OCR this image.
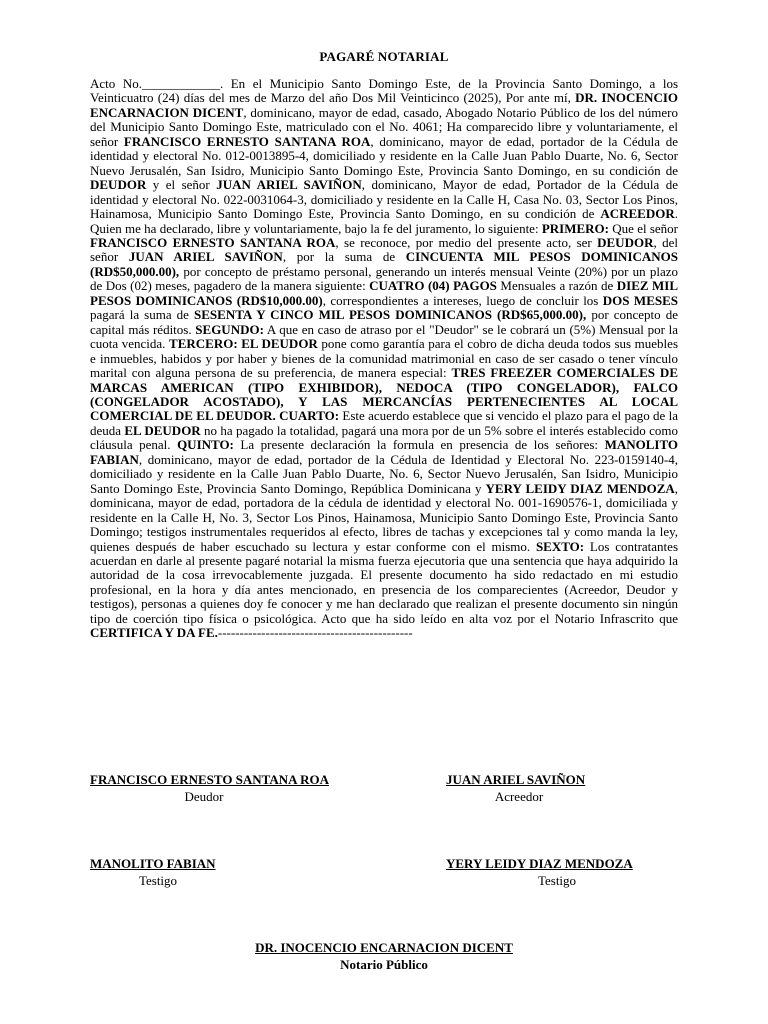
PAGARÉ NOTARIAL
Acto No.____________. En el Municipio Santo Domingo Este, de la Provincia Santo Domingo, a los Veinticuatro (24) días del mes de Marzo del año Dos Mil Veinticinco (2025), Por ante mí, DR. INOCENCIO ENCARNACION DICENT, dominicano, mayor de edad, casado, Abogado Notario Público de los del número del Municipio Santo Domingo Este, matriculado con el No. 4061; Ha comparecido libre y voluntariamente, el señor FRANCISCO ERNESTO SANTANA ROA, dominicano, mayor de edad, portador de la Cédula de identidad y electoral No. 012-0013895-4, domiciliado y residente en la Calle Juan Pablo Duarte, No. 6, Sector Nuevo Jerusalén, San Isidro, Municipio Santo Domingo Este, Provincia Santo Domingo, en su condición de DEUDOR y el señor JUAN ARIEL SAVIÑON, dominicano, Mayor de edad, Portador de la Cédula de identidad y electoral No. 022-0031064-3, domiciliado y residente en la Calle H, Casa No. 03, Sector Los Pinos, Hainamosa, Municipio Santo Domingo Este, Provincia Santo Domingo, en su condición de ACREEDOR. Quien me ha declarado, libre y voluntariamente, bajo la fe del juramento, lo siguiente: PRIMERO: Que el señor FRANCISCO ERNESTO SANTANA ROA, se reconoce, por medio del presente acto, ser DEUDOR, del señor JUAN ARIEL SAVIÑON, por la suma de CINCUENTA MIL PESOS DOMINICANOS (RD$50,000.00), por concepto de préstamo personal, generando un interés mensual Veinte (20%) por un plazo de Dos (02) meses, pagadero de la manera siguiente: CUATRO (04) PAGOS Mensuales a razón de DIEZ MIL PESOS DOMINICANOS (RD$10,000.00), correspondientes a intereses, luego de concluir los DOS MESES pagará la suma de SESENTA Y CINCO MIL PESOS DOMINICANOS (RD$65,000.00), por concepto de capital más réditos. SEGUNDO: A que en caso de atraso por el "Deudor" se le cobrará un (5%) Mensual por la cuota vencida. TERCERO: EL DEUDOR pone como garantía para el cobro de dicha deuda todos sus muebles e inmuebles, habidos y por haber y bienes de la comunidad matrimonial en caso de ser casado o tener vínculo marital con alguna persona de su preferencia, de manera especial: TRES FREEZER COMERCIALES DE MARCAS AMERICAN (TIPO EXHIBIDOR), NEDOCA (TIPO CONGELADOR), FALCO (CONGELADOR ACOSTADO), Y LAS MERCANCÍAS PERTENECIENTES AL LOCAL COMERCIAL DE EL DEUDOR. CUARTO: Este acuerdo establece que si vencido el plazo para el pago de la deuda EL DEUDOR no ha pagado la totalidad, pagará una mora por de un 5% sobre el interés establecido como cláusula penal. QUINTO: La presente declaración la formula en presencia de los señores: MANOLITO FABIAN, dominicano, mayor de edad, portador de la Cédula de Identidad y Electoral No. 223-0159140-4, domiciliado y residente en la Calle Juan Pablo Duarte, No. 6, Sector Nuevo Jerusalén, San Isidro, Municipio Santo Domingo Este, Provincia Santo Domingo, República Dominicana y YERY LEIDY DIAZ MENDOZA, dominicana, mayor de edad, portadora de la cédula de identidad y electoral No. 001-1690576-1, domiciliada y residente en la Calle H, No. 3, Sector Los Pinos, Hainamosa, Municipio Santo Domingo Este, Provincia Santo Domingo; testigos instrumentales requeridos al efecto, libres de tachas y excepciones tal y como manda la ley, quienes después de haber escuchado su lectura y estar conforme con el mismo. SEXTO: Los contratantes acuerdan en darle al presente pagaré notarial la misma fuerza ejecutoria que una sentencia que haya adquirido la autoridad de la cosa irrevocablemente juzgada. El presente documento ha sido redactado en mi estudio profesional, en la hora y día antes mencionado, en presencia de los comparecientes (Acreedor, Deudor y testigos), personas a quienes doy fe conocer y me han declarado que realizan el presente documento sin ningún tipo de coerción tipo física o psicológica. Acto que ha sido leído en alta voz por el Notario Infrascrito que CERTIFICA Y DA FE.---------------------------------------------
FRANCISCO ERNESTO SANTANA ROA
Deudor
JUAN ARIEL SAVIÑON
Acreedor
MANOLITO FABIAN
Testigo
YERY LEIDY DIAZ MENDOZA
Testigo
DR. INOCENCIO ENCARNACION DICENT
Notario Público
